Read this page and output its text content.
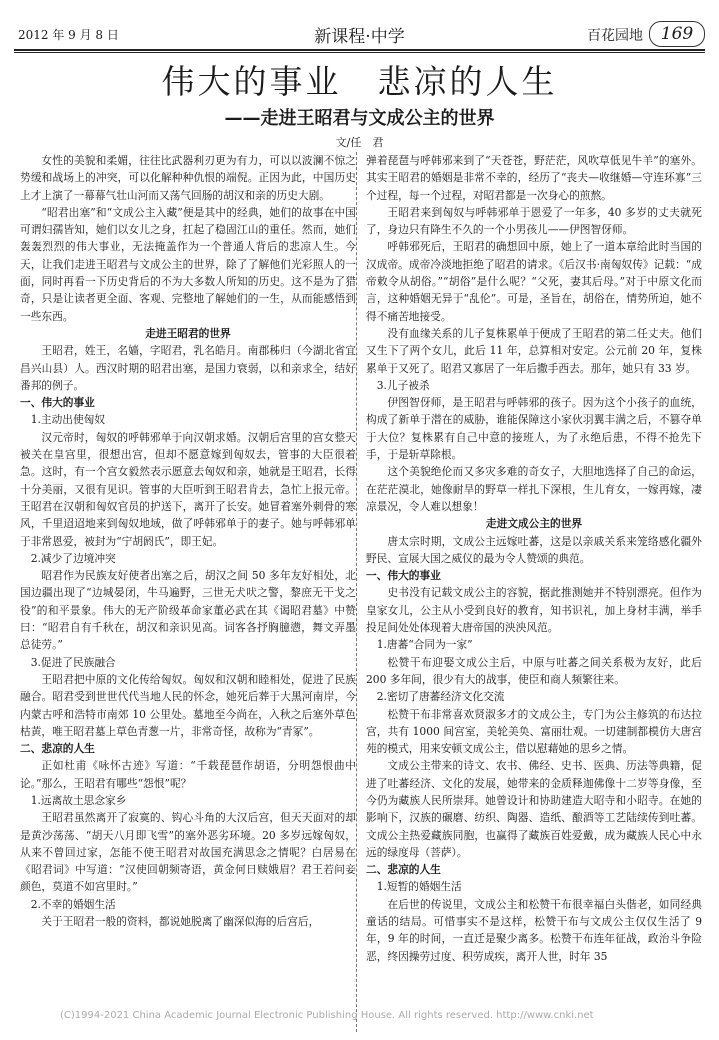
2012 年 9 月 8 日	新课程·中学	百花园地	169
伟大的事业　悲凉的人生
——走进王昭君与文成公主的世界
文/任　君

女性的美貌和柔媚，往往比武器利刃更为有力，可以以波澜不惊之势缓和战场上的冲突，可以化解种种仇恨的端倪。正因为此，中国历史上才上演了一幕幕气壮山河而又荡气回肠的胡汉和亲的历史大剧。

“昭君出塞”和“文成公主入藏”便是其中的经典，她们的故事在中国可谓妇孺皆知，她们以女儿之身，扛起了稳固江山的重任。然而，她们轰轰烈烈的伟大事业，无法掩盖作为一个普通人背后的悲凉人生。今天，让我们走进王昭君与文成公主的世界，除了了解他们光彩照人的一面，同时再看一下历史背后的不为大多数人所知的历史。这不是为了猎奇，只是让读者更全面、客观、完整地了解她们的一生，从而能感悟到一些东西。

走进王昭君的世界

王昭君，姓王，名嫱，字昭君，乳名皓月。南郡秭归（今湖北省宜昌兴山县）人。西汉时期的昭君出塞，是国力衰弱，以和亲求全，结好番邦的例子。

一、伟大的事业

1.主动出使匈奴

汉元帝时，匈奴的呼韩邪单于向汉朝求婚。汉朝后宫里的宫女整天被关在皇宫里，很想出宫，但却不愿意嫁到匈奴去，管事的大臣很着急。这时，有一个宫女毅然表示愿意去匈奴和亲，她就是王昭君，长得十分美丽，又很有见识。管事的大臣听到王昭君肯去，急忙上报元帝。王昭君在汉朝和匈奴官员的护送下，离开了长安。她冒着塞外刺骨的寒风，千里迢迢地来到匈奴地域，做了呼韩邪单于的妻子。她与呼韩邪单于非常恩爱，被封为“宁胡阏氏”，即王妃。

2.减少了边境冲突

昭君作为民族友好使者出塞之后，胡汉之间 50 多年友好相处，北国边疆出现了“边城晏闭，牛马遍野，三世无犬吠之警，黎庶无干戈之役”的和平景象。伟大的无产阶级革命家董必武在其《谒昭君墓》中赞曰：“昭君自有千秋在，胡汉和亲识见高。词客各抒胸臆懑，舞文弄墨总徒劳。”

3.促进了民族融合

王昭君把中原的文化传给匈奴。匈奴和汉朝和睦相处，促进了民族融合。昭君受到世世代代当地人民的怀念，她死后葬于大黑河南岸，今内蒙古呼和浩特市南郊 10 公里处。墓地至今尚在，入秋之后塞外草色枯黄，唯王昭君墓上草色青葱一片，非常奇怪，故称为“青冢”。

二、悲凉的人生

正如杜甫《咏怀古迹》写道：“千载琵琶作胡语，分明怨恨曲中论。”那么，王昭君有哪些“怨恨”呢？

1.远离故土思念家乡

王昭君虽然离开了寂寞的、钩心斗角的大汉后宫，但天天面对的却是黄沙荡荡、“胡天八月即飞雪”的塞外恶劣环境。20 多岁远嫁匈奴，从来不曾回过家，怎能不使王昭君对故国充满思念之情呢？白居易在《昭君词》中写道：“汉使回朝频寄语，黄金何日赎娥眉？君王若问妾颜色，莫道不如宫里时。”

2.不幸的婚姻生活

关于王昭君一般的资料，都说她脱离了幽深似海的后宫后，

弹着琵琶与呼韩邪来到了“天苍苍，野茫茫，风吹草低见牛羊”的塞外。其实王昭君的婚姻是非常不幸的，经历了“丧夫—收继婚—守连环寡”三个过程，每一个过程，对昭君都是一次身心的煎熬。

王昭君来到匈奴与呼韩邪单于恩爱了一年多，40 多岁的丈夫就死了，身边只有降生不久的一个小男孩儿——伊图智伢师。

呼韩邪死后，王昭君的确想回中原，她上了一道本章给此时当国的汉成帝。成帝冷淡地拒绝了昭君的请求。《后汉书·南匈奴传》记载：“成帝敕令从胡俗。”“胡俗”是什么呢？“父死，妻其后母。”对于中原文化而言，这种婚姻无异于“乱伦”。可是，圣旨在，胡俗在，情势所迫，她不得不痛苦地接受。

没有血缘关系的儿子复株累单于便成了王昭君的第二任丈夫。他们又生下了两个女儿，此后 11 年，总算相对安定。公元前 20 年，复株累单于又死了。昭君又寡居了一年后撒手西去。那年，她只有 33 岁。

3.儿子被杀

伊图智伢师，是王昭君与呼韩邪的孩子。因为这个小孩子的血统，构成了新单于潜在的威胁，谁能保障这小家伙羽翼丰满之后，不篡夺单于大位？复株累有自己中意的接班人，为了永绝后患，不得不抢先下手，于是斩草除根。

这个美貌绝伦而又多灾多难的奇女子，大胆地选择了自己的命运，在茫茫漠北，她像耐旱的野草一样扎下深根，生儿育女，一嫁再嫁，凄凉景况，令人难以想象！

走进文成公主的世界

唐太宗时期，文成公主远嫁吐蕃，这是以亲戚关系来笼络感化疆外野民、宣展大国之威仪的最为令人赞颂的典范。

一、伟大的事业

史书没有记载文成公主的容貌，据此推测她并不特别漂亮。但作为皇家女儿，公主从小受到良好的教育，知书识礼，加上身材丰满，举手投足间处处体现着大唐帝国的泱泱风范。

1.唐蕃“合同为一家”

松赞干布迎娶文成公主后，中原与吐蕃之间关系极为友好，此后 200 多年间，很少有大的战事，使臣和商人频繁往来。

2.密切了唐蕃经济文化交流

松赞干布非常喜欢贤淑多才的文成公主，专门为公主修筑的布达拉宫，共有 1000 间宫室，美轮美奂、富丽壮观。一切建制都模仿大唐宫苑的模式，用来安顿文成公主，借以慰藉她的思乡之情。

文成公主带来的诗文、农书、佛经、史书、医典、历法等典籍，促进了吐蕃经济、文化的发展，她带来的金质释迦佛像十二岁等身像，至今仍为藏族人民所崇拜。她曾设计和协助建造大昭寺和小昭寺。在她的影响下，汉族的碾磨、纺织、陶器、造纸、酿酒等工艺陆续传到吐蕃。文成公主热爱藏族同胞，也赢得了藏族百姓爱戴，成为藏族人民心中永远的绿度母（菩萨）。

二、悲凉的人生

1.短暂的婚姻生活

在后世的传说里，文成公主和松赞干布很幸福白头偕老，如同经典童话的结局。可惜事实不是这样，松赞干布与文成公主仅仅生活了 9 年，9 年的时间，一直迁是聚少离多。松赞干布连年征战，政治斗争险恶，终因操劳过度、积劳成疾，离开人世，时年 35

(C)1994-2021 China Academic Journal Electronic Publishing House. All rights reserved. http://www.cnki.net
